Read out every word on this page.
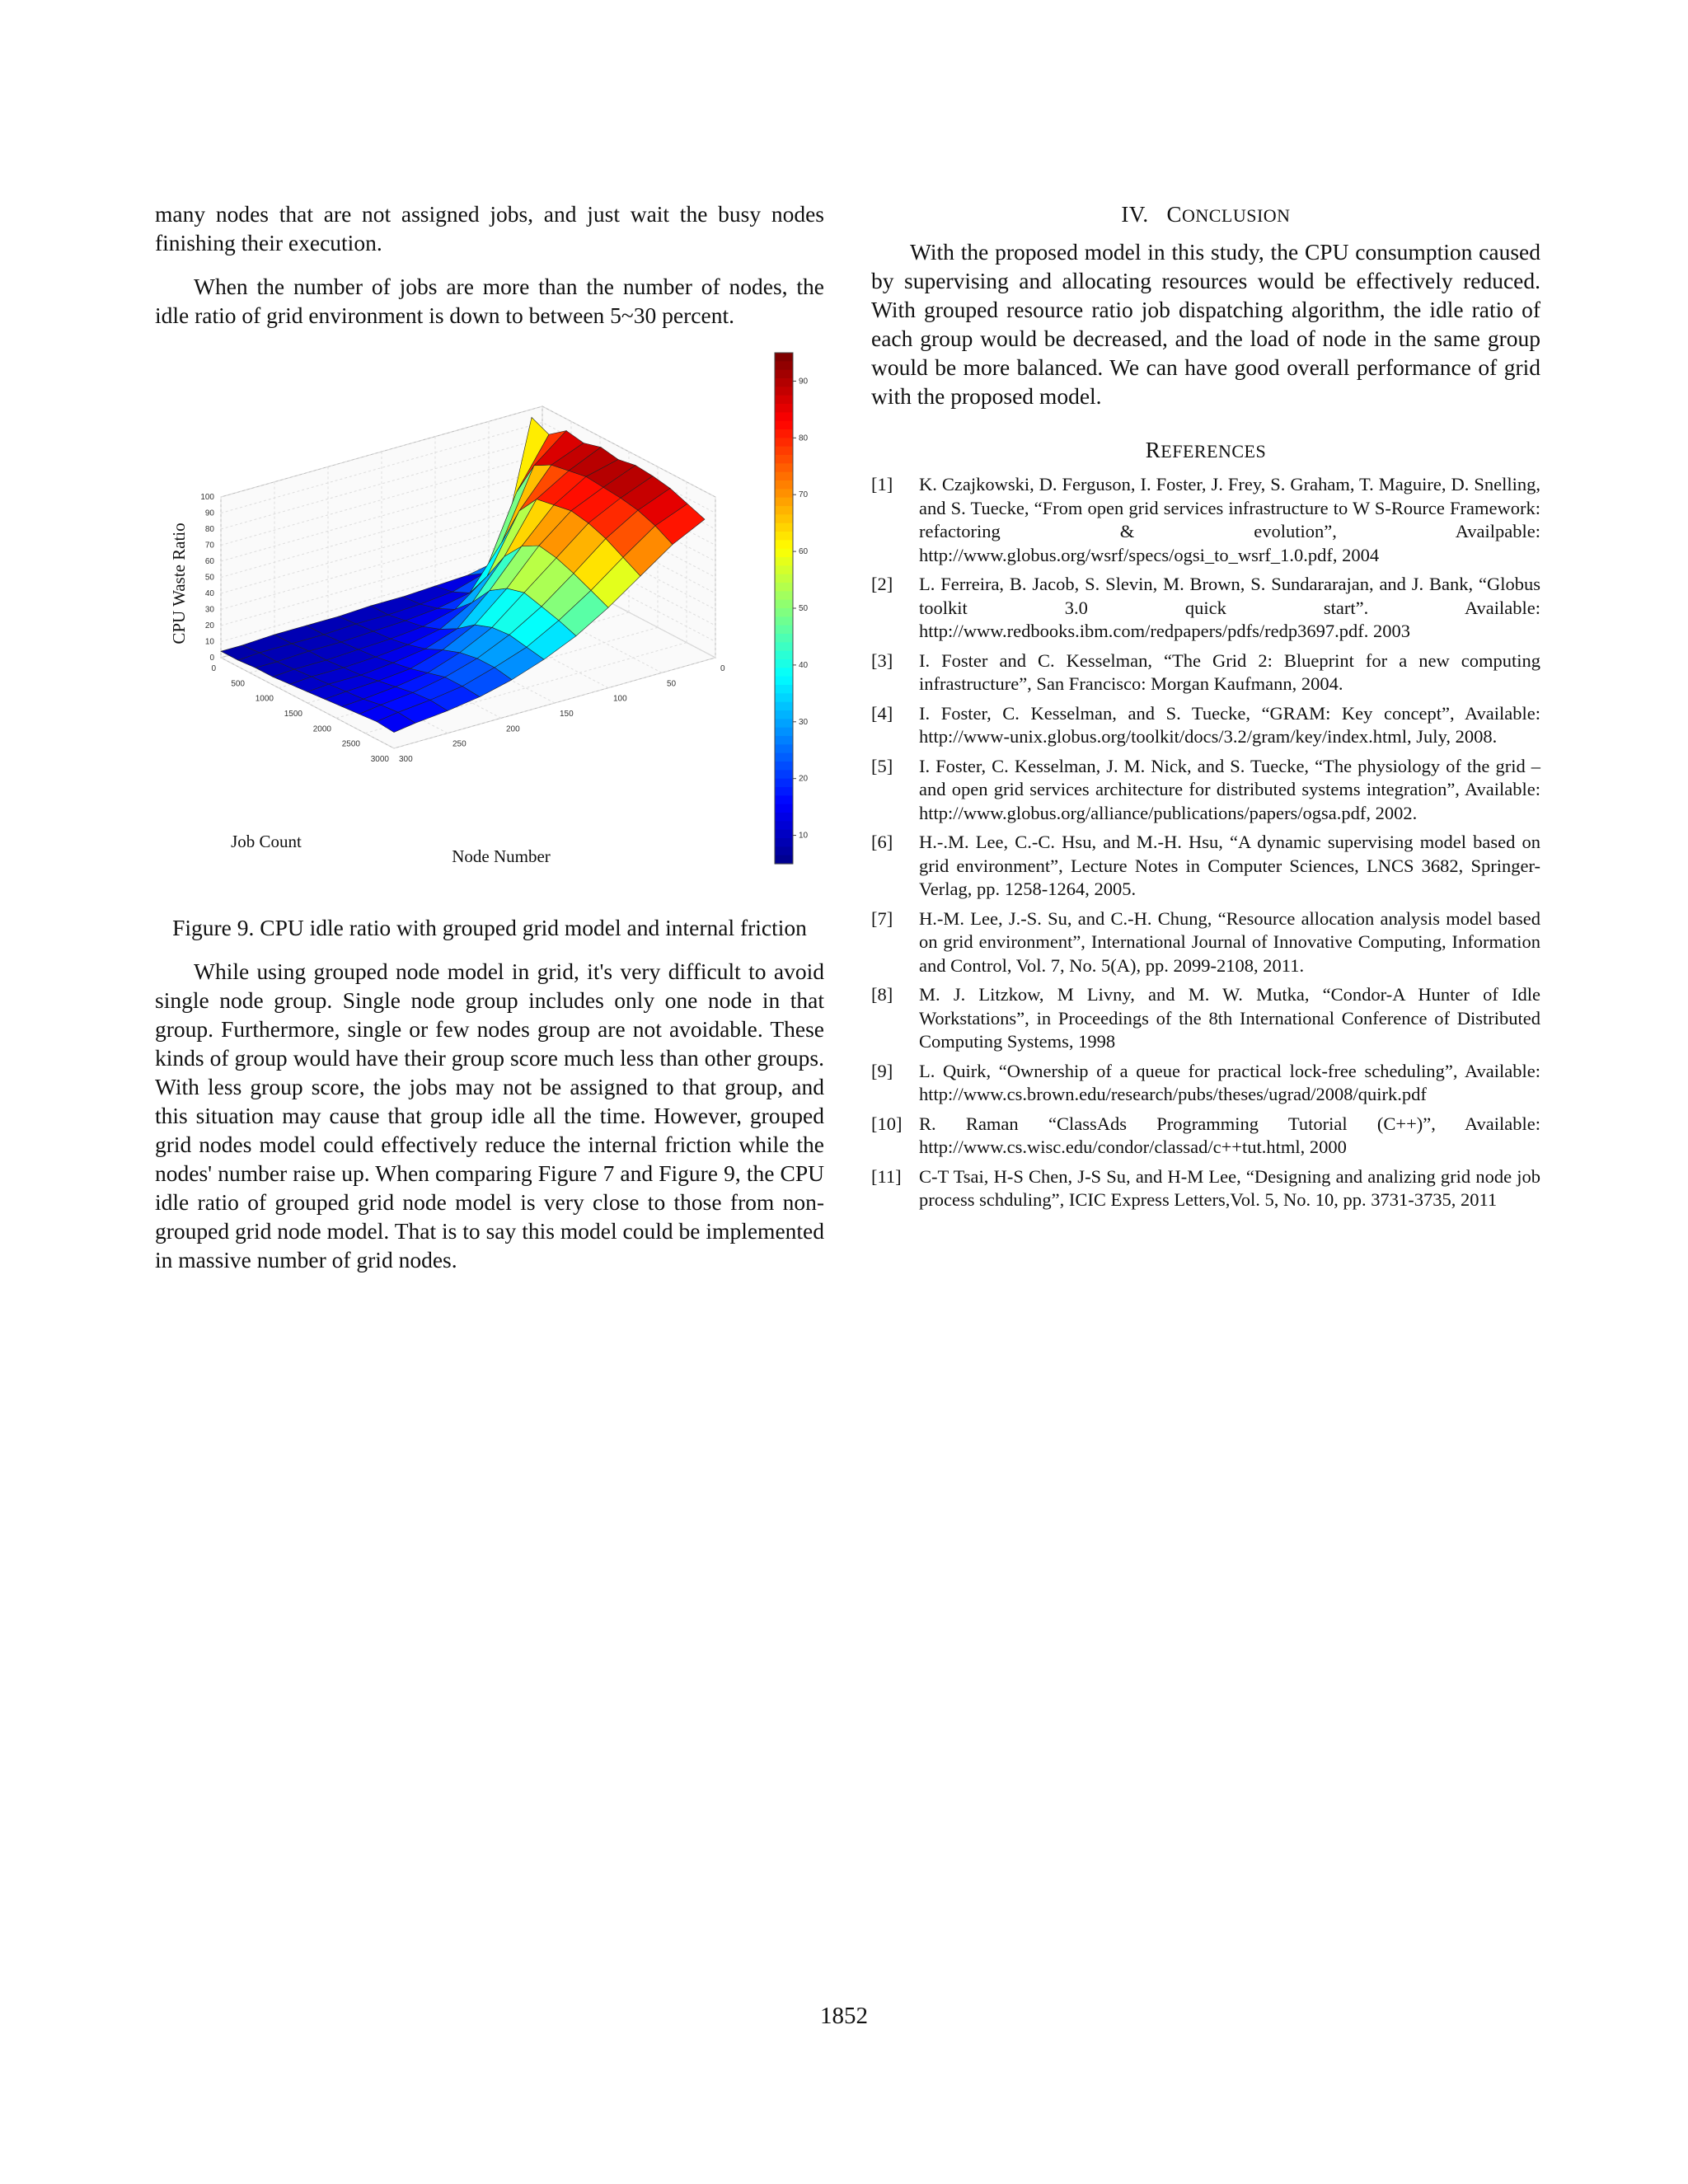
many nodes that are not assigned jobs, and just wait the busy nodes finishing their execution.

When the number of jobs are more than the number of nodes, the idle ratio of grid environment is down to between 5~30 percent.

0
10
20
30
40
50
60
70
80
90
100
0
500
1000
1500
2000
2500
3000
0
50
100
150
200
250
300
CPU Waste Ratio
Job Count
Node Number
10
20
30
40
50
60
70
80
90

Figure 9. CPU idle ratio with grouped grid model and internal friction

While using grouped node model in grid, it's very difficult to avoid single node group. Single node group includes only one node in that group. Furthermore, single or few nodes group are not avoidable. These kinds of group would have their group score much less than other groups. With less group score, the jobs may not be assigned to that group, and this situation may cause that group idle all the time. However, grouped grid nodes model could effectively reduce the internal friction while the nodes' number raise up. When comparing Figure 7 and Figure 9, the CPU idle ratio of grouped grid node model is very close to those from non-grouped grid node model. That is to say this model could be implemented in massive number of grid nodes.

IV. CONCLUSION

With the proposed model in this study, the CPU consumption caused by supervising and allocating resources would be effectively reduced. With grouped resource ratio job dispatching algorithm, the idle ratio of each group would be decreased, and the load of node in the same group would be more balanced. We can have good overall performance of grid with the proposed model.

REFERENCES
[1]	K. Czajkowski, D. Ferguson, I. Foster, J. Frey, S. Graham, T. Maguire, D. Snelling, and S. Tuecke, “From open grid services infrastructure to W S-Rource Framework: refactoring & evolution”, Availpable: http://www.globus.org/wsrf/specs/ogsi_to_wsrf_1.0.pdf, 2004
[2]	L. Ferreira, B. Jacob, S. Slevin, M. Brown, S. Sundararajan, and J. Bank, “Globus toolkit 3.0 quick start”. Available: http://www.redbooks.ibm.com/redpapers/pdfs/redp3697.pdf. 2003
[3]	I. Foster and C. Kesselman, “The Grid 2: Blueprint for a new computing infrastructure”, San Francisco: Morgan Kaufmann, 2004.
[4]	I. Foster, C. Kesselman, and S. Tuecke, “GRAM: Key concept”, Available: http://www-unix.globus.org/toolkit/docs/3.2/gram/key/index.html, July, 2008.
[5]	I. Foster, C. Kesselman, J. M. Nick, and S. Tuecke, “The physiology of the grid – and open grid services architecture for distributed systems integration”, Available: http://www.globus.org/alliance/publications/papers/ogsa.pdf, 2002.
[6]	H.-.M. Lee, C.-C. Hsu, and M.-H. Hsu, “A dynamic supervising model based on grid environment”, Lecture Notes in Computer Sciences, LNCS 3682, Springer-Verlag, pp. 1258-1264, 2005.
[7]	H.-M. Lee, J.-S. Su, and C.-H. Chung, “Resource allocation analysis model based on grid environment”, International Journal of Innovative Computing, Information and Control, Vol. 7, No. 5(A), pp. 2099-2108, 2011.
[8]	M. J. Litzkow, M Livny, and M. W. Mutka, “Condor-A Hunter of Idle Workstations”, in Proceedings of the 8th International Conference of Distributed Computing Systems, 1998
[9]	L. Quirk, “Ownership of a queue for practical lock-free scheduling”, Available: http://www.cs.brown.edu/research/pubs/theses/ugrad/2008/quirk.pdf
[10] R. Raman “ClassAds Programming Tutorial (C++)”, Available: http://www.cs.wisc.edu/condor/classad/c++tut.html, 2000
[11] C-T Tsai, H-S Chen, J-S Su, and H-M Lee, “Designing and analizing grid node job process schduling”, ICIC Express Letters,Vol. 5, No. 10, pp. 3731-3735, 2011
1852
